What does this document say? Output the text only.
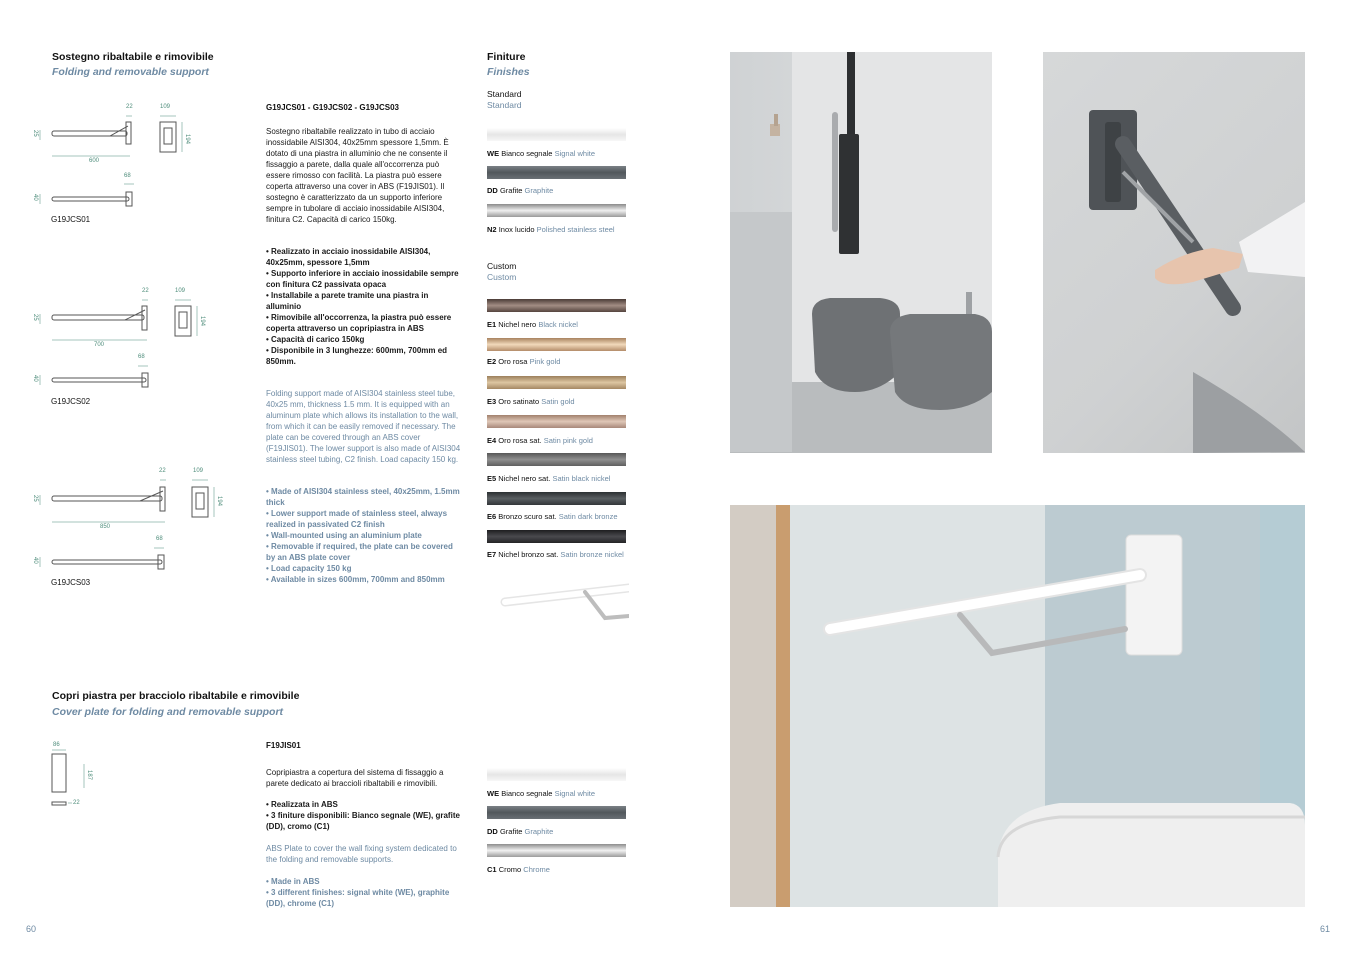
Sostegno ribaltabile e rimovibile
Folding and removable support
G19JCS01 - G19JCS02 - G19JCS03
Sostegno ribaltabile realizzato in tubo di acciaio inossidabile AISI304, 40x25mm spessore 1,5mm. È dotato di una piastra in alluminio che ne consente il fissaggio a parete, dalla quale all'occorrenza può essere rimosso con facilità. La piastra può essere coperta attraverso una cover in ABS (F19JIS01). Il sostegno è caratterizzato da un supporto inferiore sempre in tubolare di acciaio inossidabile AISI304, finitura C2. Capacità di carico 150kg.
• Realizzato in acciaio inossidabile AISI304, 40x25mm, spessore 1,5mm
• Supporto inferiore in acciaio inossidabile sempre con finitura C2 passivata opaca
• Installabile a parete tramite una piastra in alluminio
• Rimovibile all'occorrenza, la piastra può essere coperta attraverso un copripiastra in ABS
• Capacità di carico 150kg
• Disponibile in 3 lunghezze: 600mm, 700mm ed 850mm.
Folding support made of AISI304 stainless steel tube, 40x25 mm, thickness 1.5 mm. It is equipped with an aluminum plate which allows its installation to the wall, from which it can be easily removed if necessary. The plate can be covered through an ABS cover (F19JIS01). The lower support is also made of AISI304 stainless steel tubing, C2 finish. Load capacity 150 kg.
• Made of AISI304 stainless steel, 40x25mm, 1.5mm thick
• Lower support made of stainless steel, always realized in passivated C2 finish
• Wall-mounted using an aluminium plate
• Removable if required, the plate can be covered by an ABS plate cover
• Load capacity 150 kg
• Available in sizes 600mm, 700mm and 850mm
600
22	109
194
25
40
68
G19JCS01
700
22	109
194
25
40
68
G19JCS02
850
22	109
194
25
40
68
G19JCS03
Copri piastra per bracciolo ribaltabile e rimovibile
Cover plate for folding and removable support
F19JIS01
Copripiastra a copertura del sistema di fissaggio a parete dedicato ai braccioli ribaltabili e rimovibili.
• Realizzata in ABS
• 3 finiture disponibili: Bianco segnale (WE), grafite (DD), cromo (C1)
ABS Plate to cover the wall fixing system dedicated to the folding and removable supports.
• Made in ABS
• 3 different finishes: signal white (WE), graphite (DD), chrome (C1)
86
187
22
Finiture
Finishes
Standard
Standard
WE Bianco segnale Signal white
DD Grafite Graphite
N2 Inox lucido Polished stainless steel
Custom
Custom
E1 Nichel nero Black nickel
E2 Oro rosa Pink gold
E3 Oro satinato Satin gold
E4 Oro rosa sat. Satin pink gold
E5 Nichel nero sat. Satin black nickel
E6 Bronzo scuro sat. Satin dark bronze
E7 Nichel bronzo sat. Satin bronze nickel
WE Bianco segnale Signal white
DD Grafite Graphite
C1 Cromo Chrome
60	61
